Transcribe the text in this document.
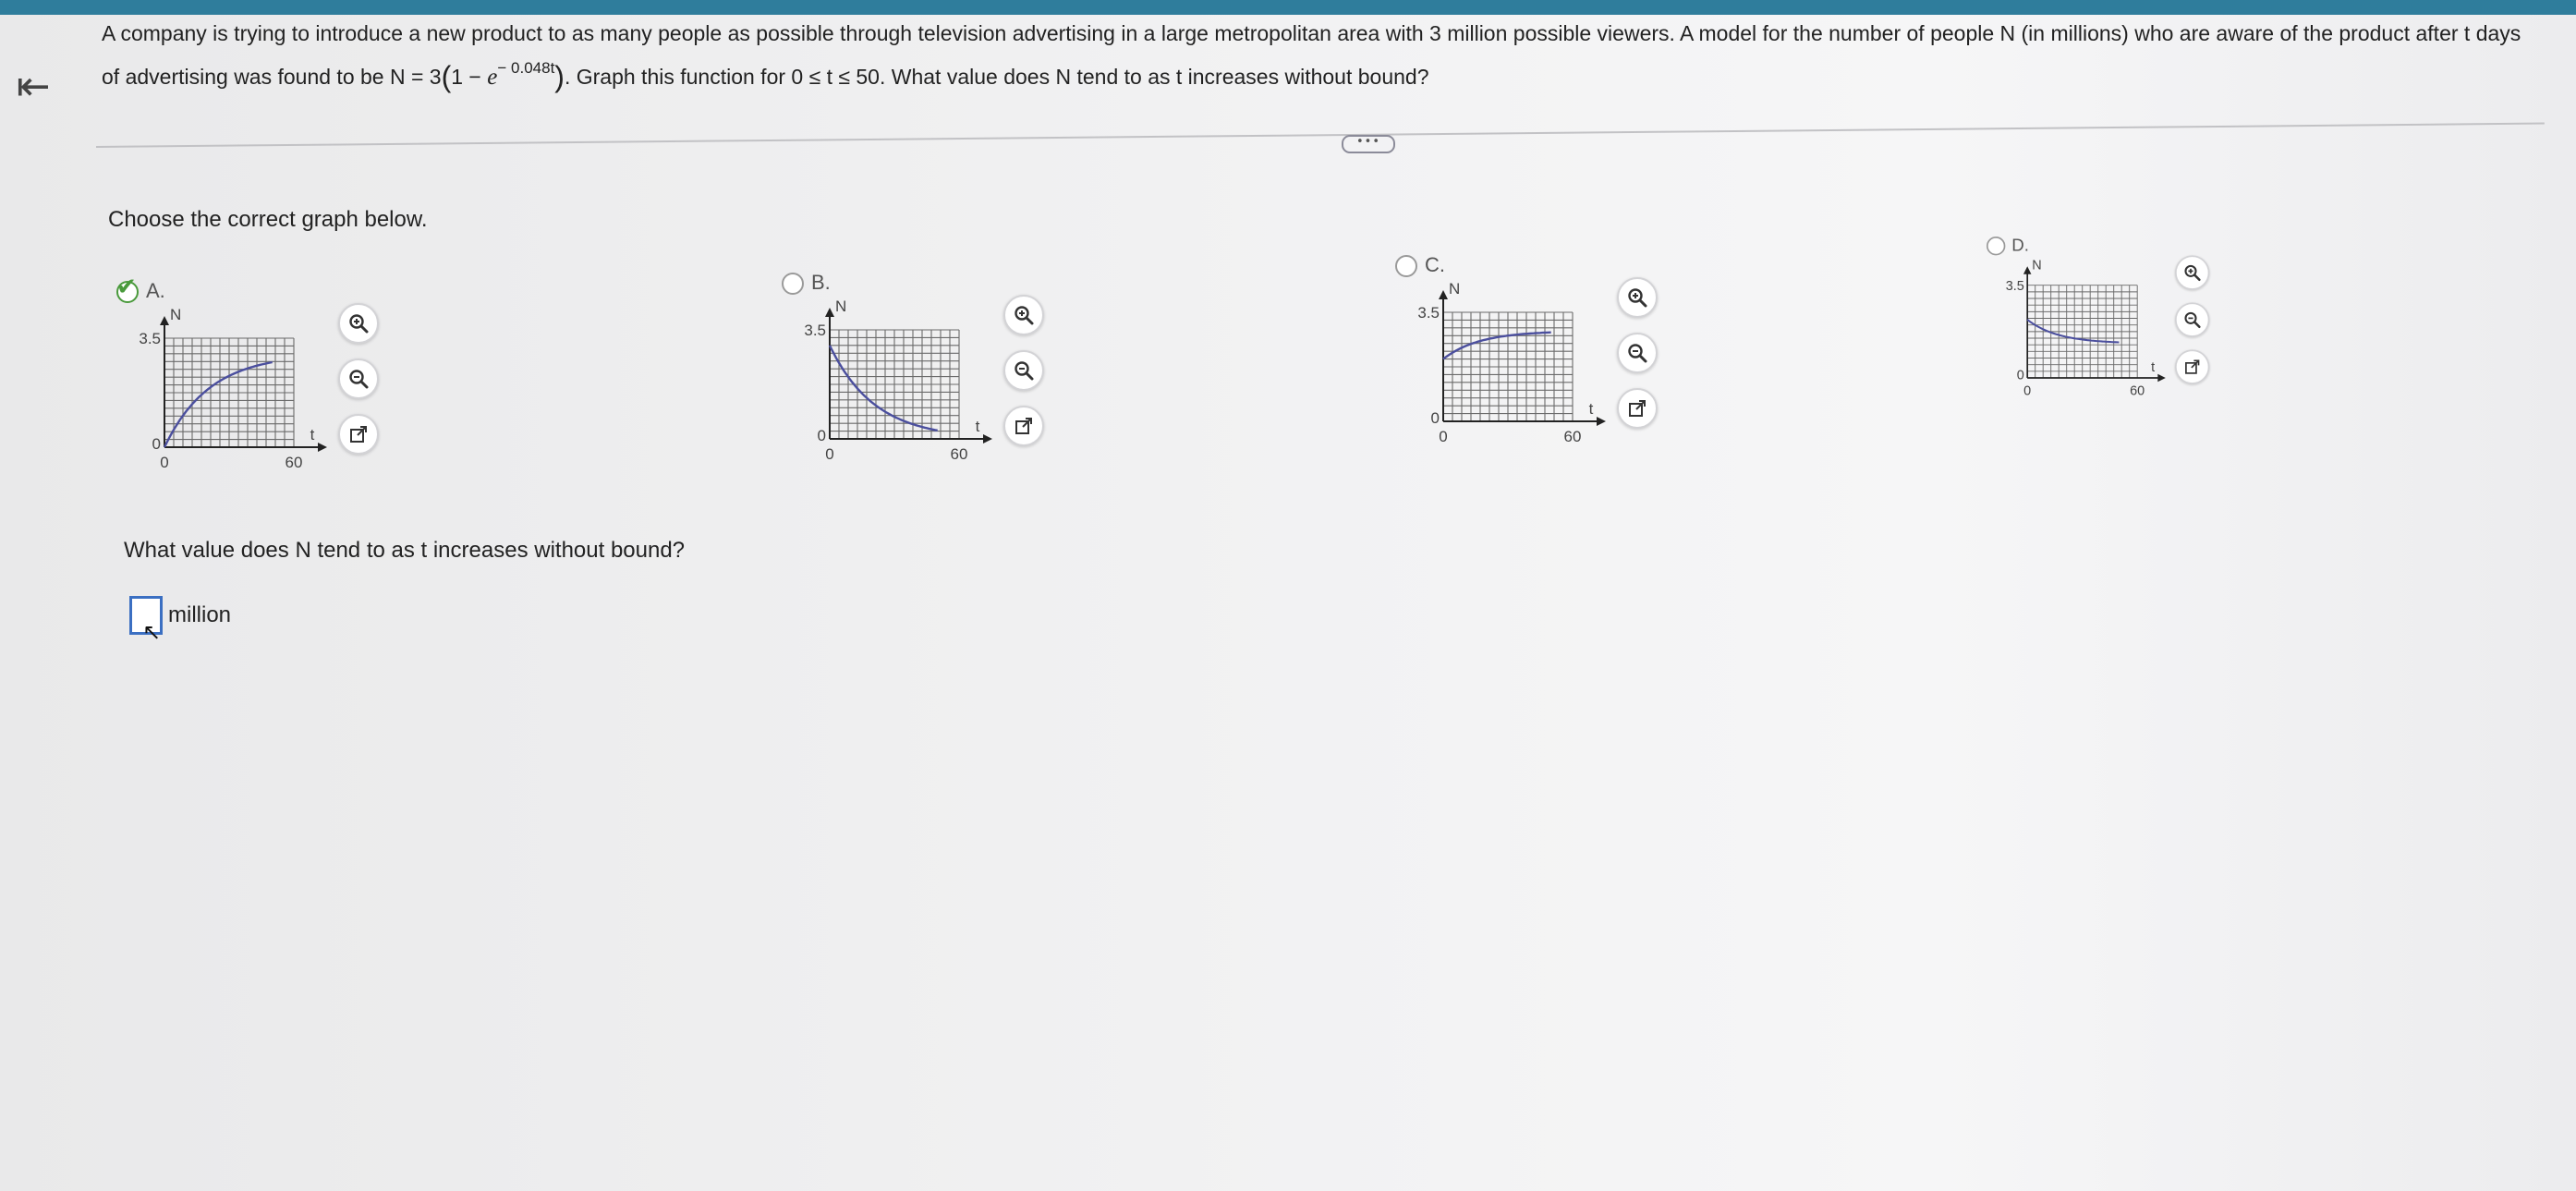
⇤
A company is trying to introduce a new product to as many people as possible through television advertising in a large metropolitan area with 3 million possible viewers. A model for the number of people N (in millions) who are aware of the product after t days
of advertising was found to be $N = 3(1 - e^{- 0.048t})$. Graph this function for 0 ≤ t ≤ 50. What value does N tend to as t increases without bound?
•••
Choose the correct graph below.
✔ A.
3.5
0
0	60
t
N
B.
3.5
0
0	60
t
N
C.
3.5
0
0	60
t
N
D.
3.5
0
0	60
t
N
What value does N tend to as t increases without bound?
↖
million
